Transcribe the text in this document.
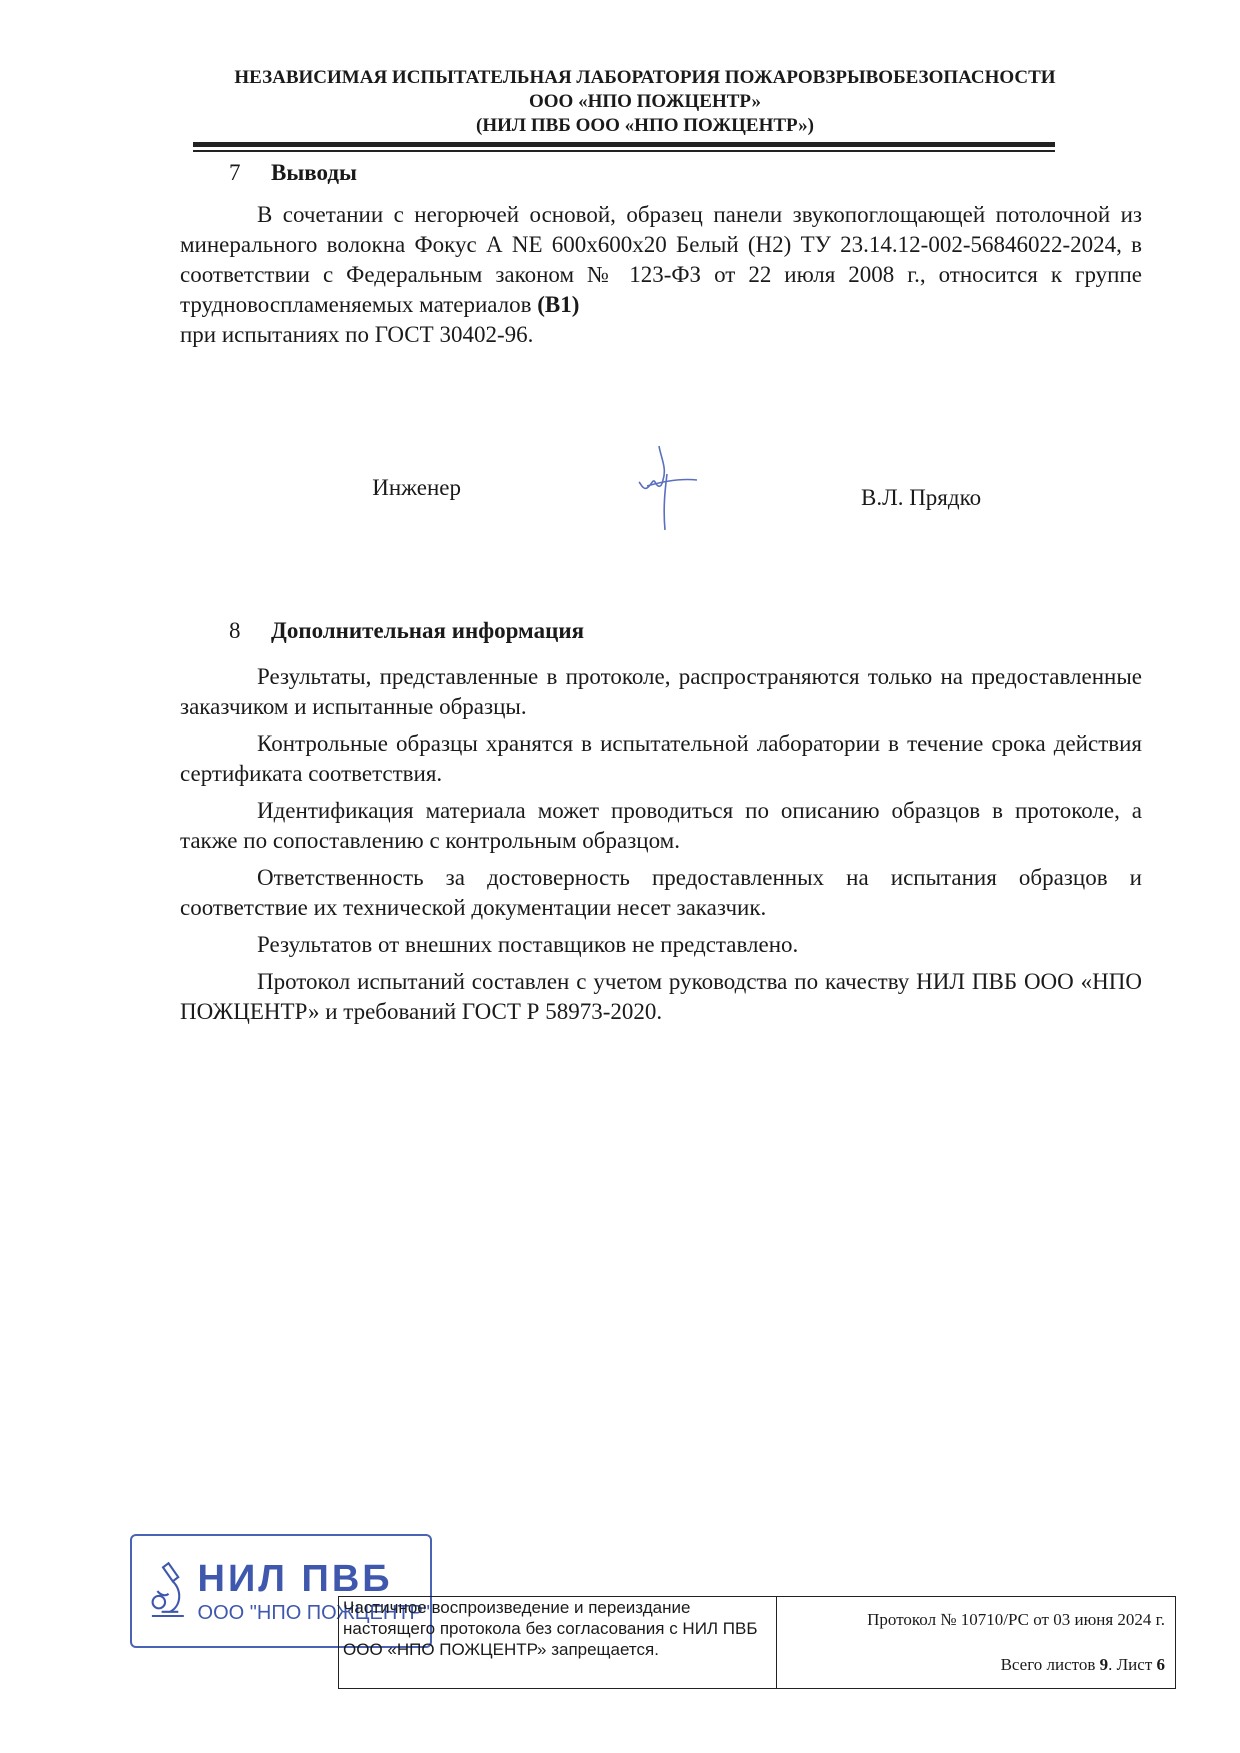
НЕЗАВИСИМАЯ ИСПЫТАТЕЛЬНАЯ ЛАБОРАТОРИЯ ПОЖАРОВЗРЫВОБЕЗОПАСНОСТИ
ООО «НПО ПОЖЦЕНТР»
(НИЛ ПВБ ООО «НПО ПОЖЦЕНТР»)
7	Выводы
В сочетании с негорючей основой, образец панели звукопоглощающей потолочной из минерального волокна Фокус А NE 600х600х20 Белый (Н2) ТУ 23.14.12-002-56846022-2024, в соответствии с Федеральным законом № 123-ФЗ от 22 июля 2008 г., относится к группе трудновоспламеняемых материалов (В1)
при испытаниях по ГОСТ 30402-96.
Инженер	В.Л. Прядко
8	Дополнительная информация

Результаты, представленные в протоколе, распространяются только на предоставленные заказчиком и испытанные образцы.

Контрольные образцы хранятся в испытательной лаборатории в течение срока действия сертификата соответствия.

Идентификация материала может проводиться по описанию образцов в протоколе, а также по сопоставлению с контрольным образцом.

Ответственность за достоверность предоставленных на испытания образцов и соответствие их технической документации несет заказчик.

Результатов от внешних поставщиков не представлено.

Протокол испытаний составлен с учетом руководства по качеству НИЛ ПВБ ООО «НПО ПОЖЦЕНТР» и требований ГОСТ Р 58973-2020.

НИЛ ПВБ
ООО "НПО ПОЖЦЕНТР"
Частичное воспроизведение и переиздание настоящего протокола без согласования с НИЛ ПВБ ООО «НПО ПОЖЦЕНТР» запрещается.
Протокол № 10710/РС от 03 июня 2024 г.
Всего листов 9. Лист 6
